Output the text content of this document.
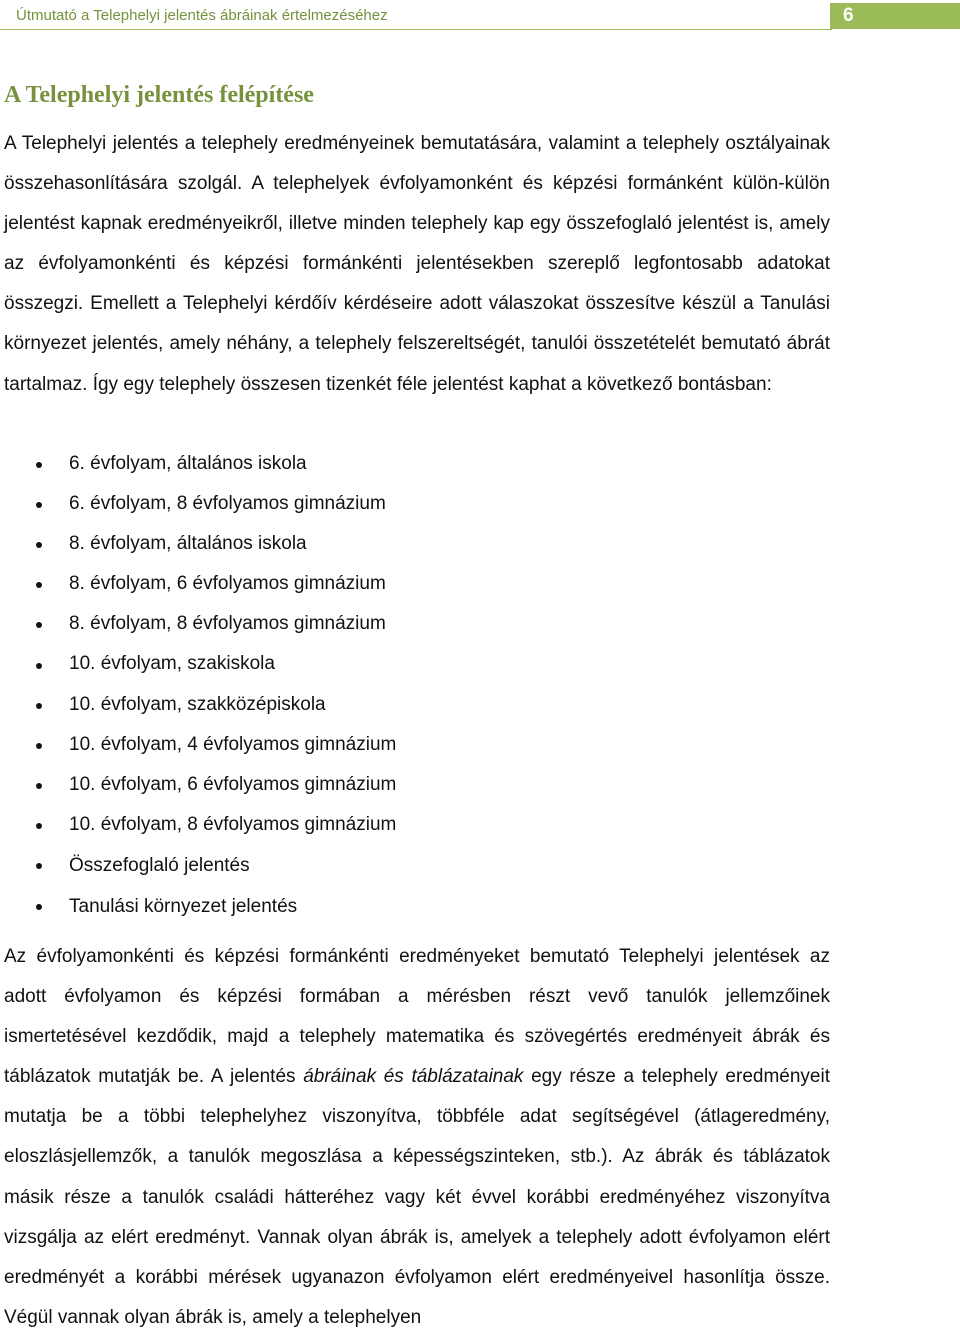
Útmutató a Telephelyi jelentés ábráinak értelmezéséhez	6
A Telephelyi jelentés felépítése

A Telephelyi jelentés a telephely eredményeinek bemutatására, valamint a telephely osztályainak összehasonlítására szolgál. A telephelyek évfolyamonként és képzési formánként külön-külön jelentést kapnak eredményeikről, illetve minden telephely kap egy összefoglaló jelentést is, amely az évfolyamonkénti és képzési formánkénti jelentésekben szereplő legfontosabb adatokat összegzi. Emellett a Telephelyi kérdőív kérdéseire adott válaszokat összesítve készül a Tanulási környezet jelentés, amely néhány, a telephely felszereltségét, tanulói összetételét bemutató ábrát tartalmaz. Így egy telephely összesen tizenkét féle jelentést kaphat a következő bontásban:

6. évfolyam, általános iskola
6. évfolyam, 8 évfolyamos gimnázium
8. évfolyam, általános iskola
8. évfolyam, 6 évfolyamos gimnázium
8. évfolyam, 8 évfolyamos gimnázium
10. évfolyam, szakiskola
10. évfolyam, szakközépiskola
10. évfolyam, 4 évfolyamos gimnázium
10. évfolyam, 6 évfolyamos gimnázium
10. évfolyam, 8 évfolyamos gimnázium
Összefoglaló jelentés
Tanulási környezet jelentés

Az évfolyamonkénti és képzési formánkénti eredményeket bemutató Telephelyi jelentések az adott évfolyamon és képzési formában a mérésben részt vevő tanulók jellemzőinek ismertetésével kezdődik, majd a telephely matematika és szövegértés eredményeit ábrák és táblázatok mutatják be. A jelentés ábráinak és táblázatainak egy része a telephely eredményeit mutatja be a többi telephelyhez viszonyítva, többféle adat segítségével (átlageredmény, eloszlásjellemzők, a tanulók megoszlása a képességszinteken, stb.). Az ábrák és táblázatok másik része a tanulók családi hátteréhez vagy két évvel korábbi eredményéhez viszonyítva vizsgálja az elért eredményt. Vannak olyan ábrák is, amelyek a telephely adott évfolyamon elért eredményét a korábbi mérések ugyanazon évfolyamon elért eredményeivel hasonlítja össze. Végül vannak olyan ábrák is, amely a telephelyen
